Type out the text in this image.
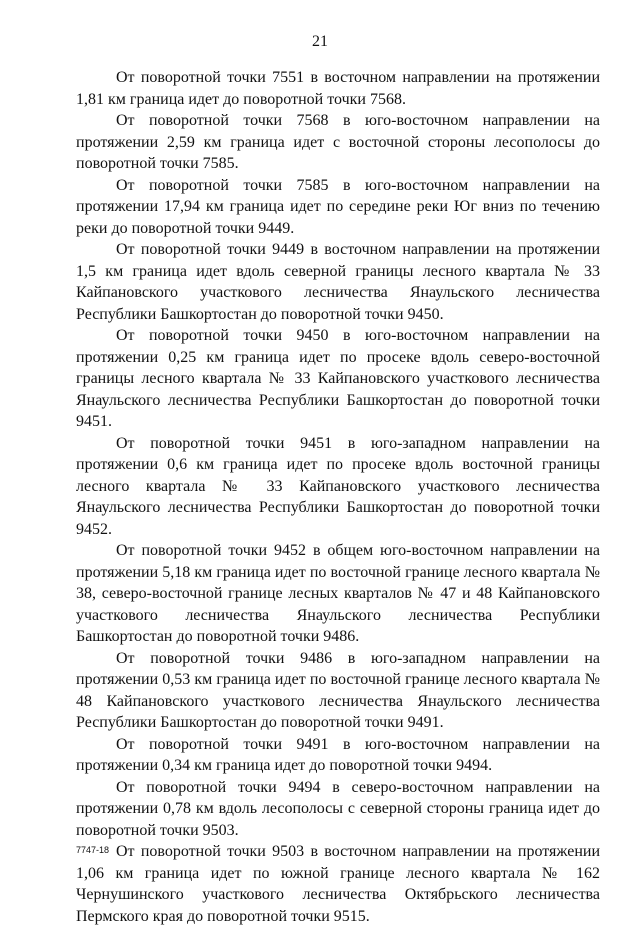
21

От поворотной точки 7551 в восточном направлении на протяжении 1,81 км граница идет до поворотной точки 7568.

От поворотной точки 7568 в юго-восточном направлении на протяжении 2,59 км граница идет с восточной стороны лесополосы до поворотной точки 7585.

От поворотной точки 7585 в юго-восточном направлении на протяжении 17,94 км граница идет по середине реки Юг вниз по течению реки до поворотной точки 9449.

От поворотной точки 9449 в восточном направлении на протяжении 1,5 км граница идет вдоль северной границы лесного квартала № 33 Кайпановского участкового лесничества Янаульского лесничества Республики Башкортостан до поворотной точки 9450.

От поворотной точки 9450 в юго-восточном направлении на протяжении 0,25 км граница идет по просеке вдоль северо-восточной границы лесного квартала № 33 Кайпановского участкового лесничества Янаульского лесничества Республики Башкортостан до поворотной точки 9451.

От поворотной точки 9451 в юго-западном направлении на протяжении 0,6 км граница идет по просеке вдоль восточной границы лесного квартала № 33 Кайпановского участкового лесничества Янаульского лесничества Республики Башкортостан до поворотной точки 9452.

От поворотной точки 9452 в общем юго-восточном направлении на протяжении 5,18 км граница идет по восточной границе лесного квартала № 38, северо-восточной границе лесных кварталов № 47 и 48 Кайпановского участкового лесничества Янаульского лесничества Республики Башкортостан до поворотной точки 9486.

От поворотной точки 9486 в юго-западном направлении на протяжении 0,53 км граница идет по восточной границе лесного квартала № 48 Кайпановского участкового лесничества Янаульского лесничества Республики Башкортостан до поворотной точки 9491.

От поворотной точки 9491 в юго-восточном направлении на протяжении 0,34 км граница идет до поворотной точки 9494.

От поворотной точки 9494 в северо-восточном направлении на протяжении 0,78 км вдоль лесополосы с северной стороны граница идет до поворотной точки 9503.

От поворотной точки 9503 в восточном направлении на протяжении 1,06 км граница идет по южной границе лесного квартала № 162 Чернушинского участкового лесничества Октябрьского лесничества Пермского края до поворотной точки 9515.

7747-18
